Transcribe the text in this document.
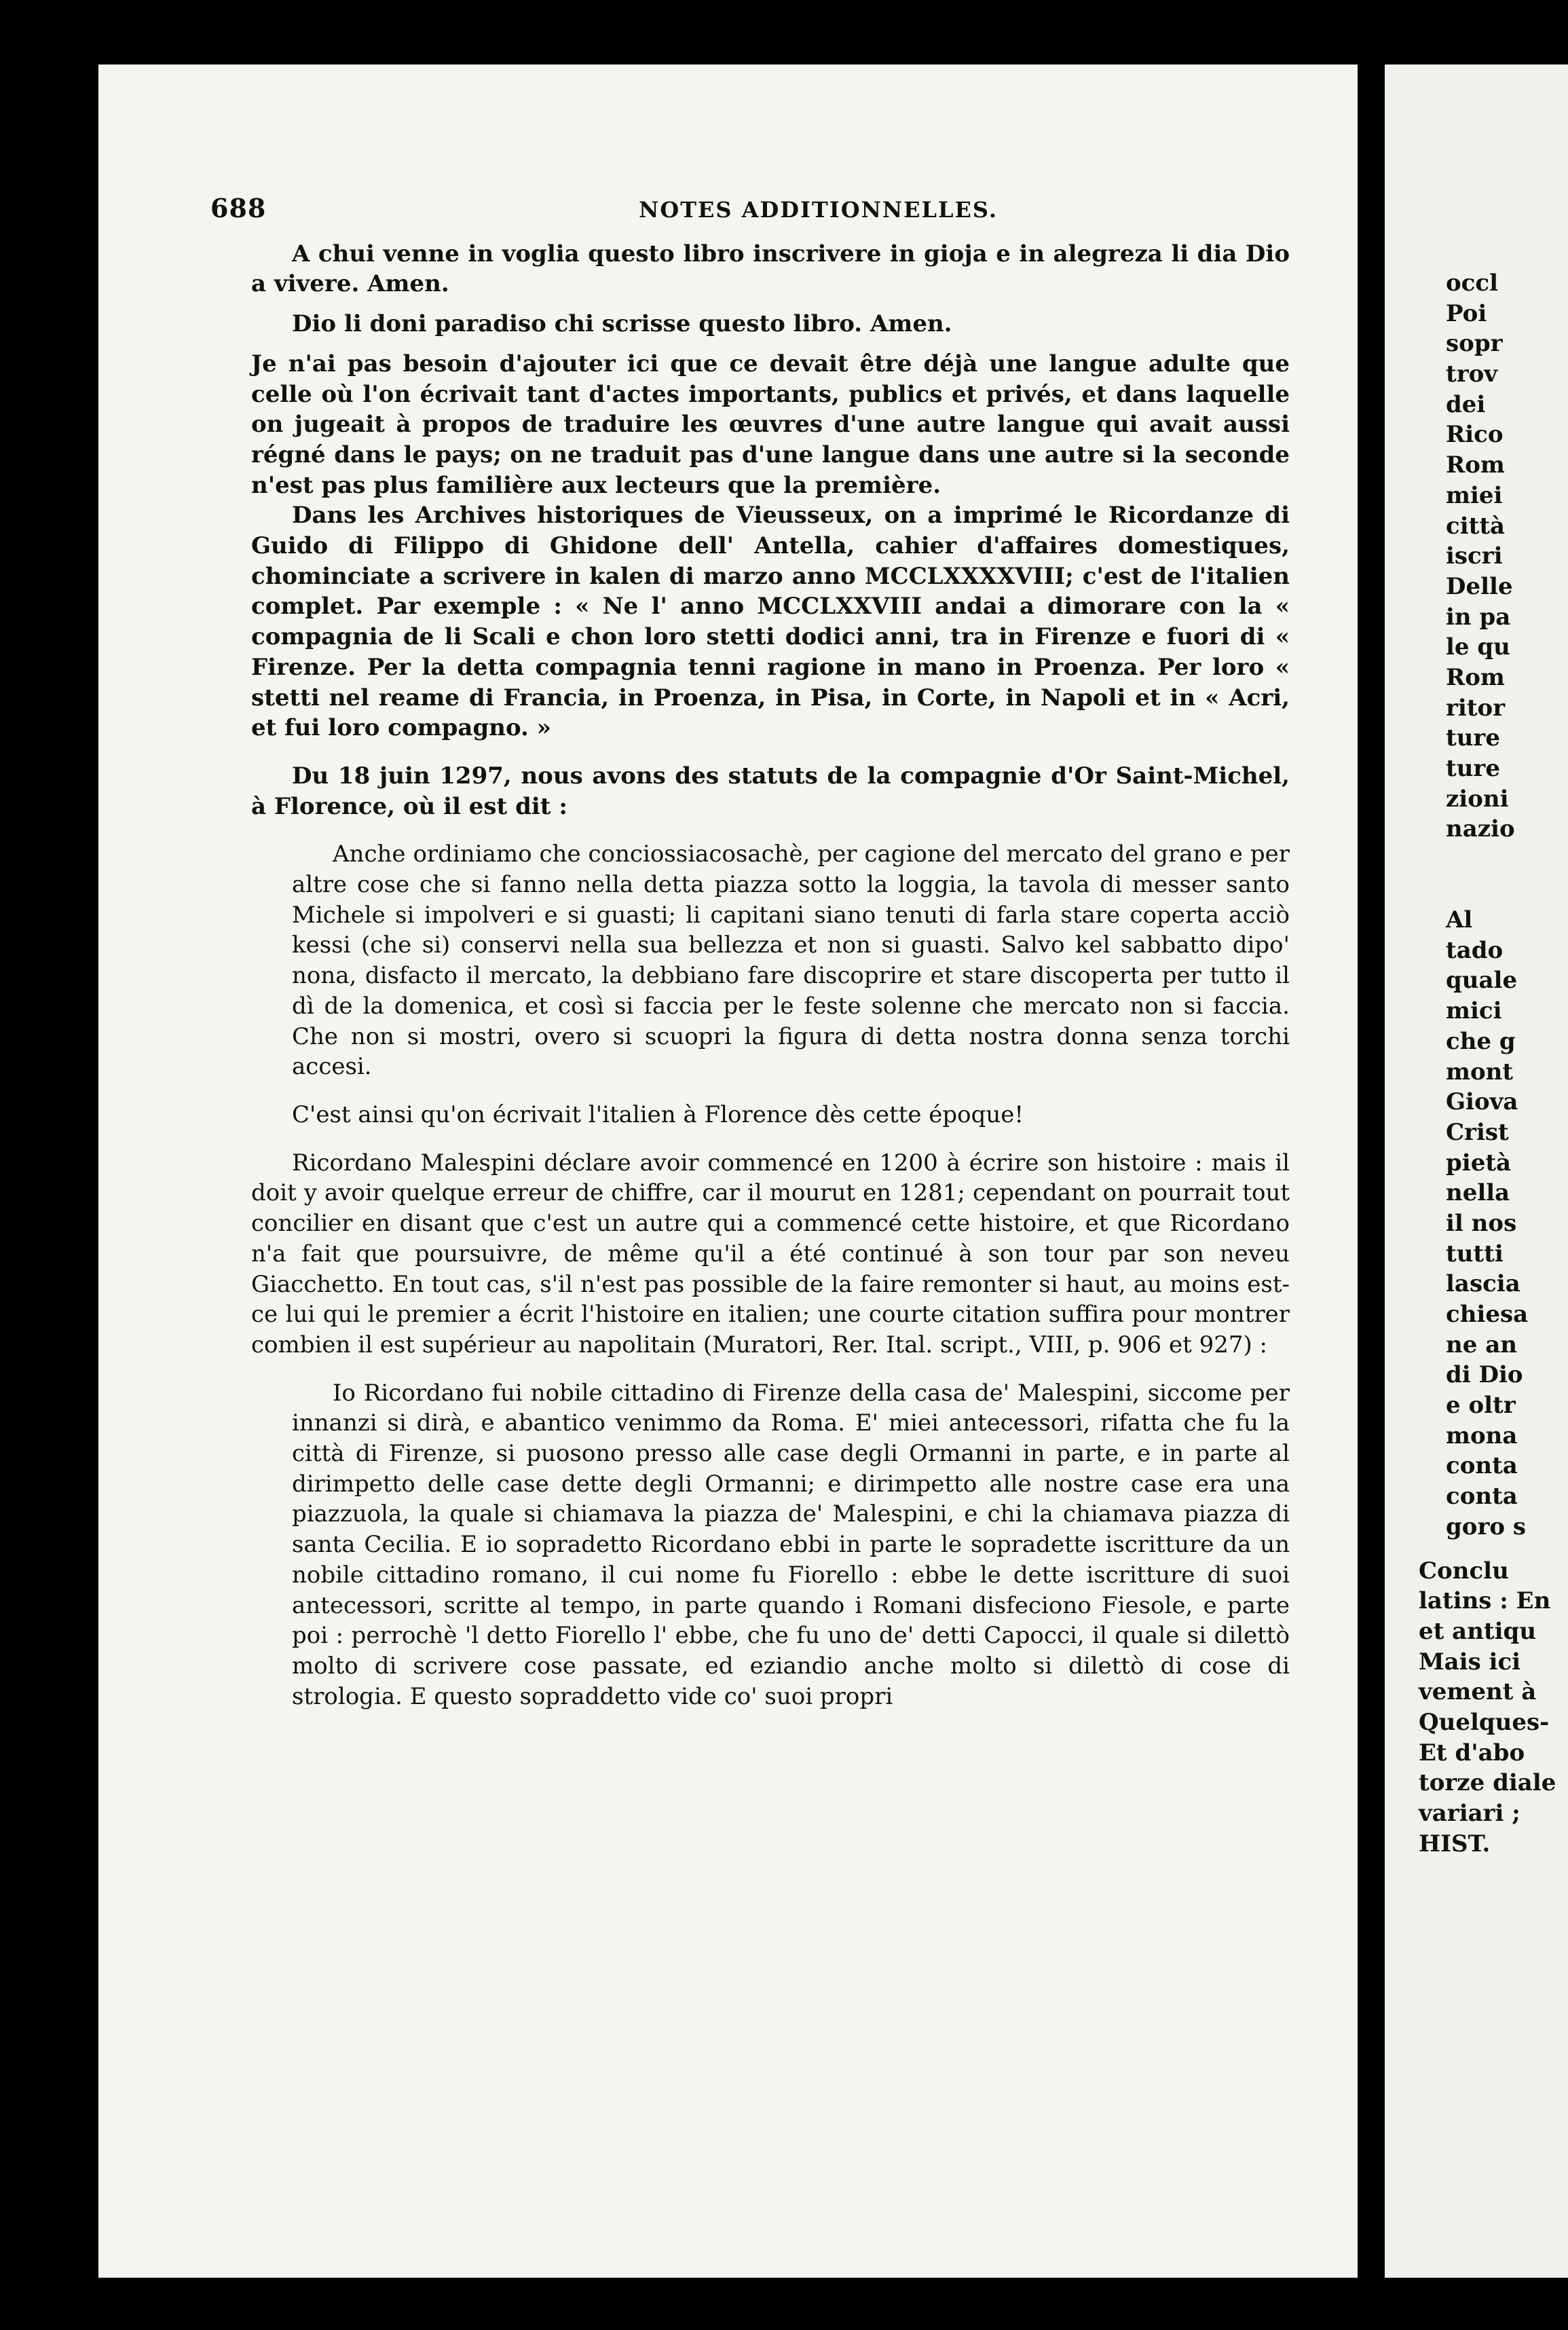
688	NOTES ADDITIONNELLES.

A chui venne in voglia questo libro inscrivere in gioja e in alegreza li dia Dio a vivere. Amen.

Dio li doni paradiso chi scrisse questo libro. Amen.

Je n'ai pas besoin d'ajouter ici que ce devait être déjà une langue adulte que celle où l'on écrivait tant d'actes importants, publics et privés, et dans laquelle on jugeait à propos de traduire les œuvres d'une autre langue qui avait aussi régné dans le pays; on ne traduit pas d'une langue dans une autre si la seconde n'est pas plus familière aux lecteurs que la première.

Dans les Archives historiques de Vieusseux, on a imprimé le Ricordanze di Guido di Filippo di Ghidone dell' Antella, cahier d'affaires domestiques, chominciate a scrivere in kalen di marzo anno MCCLXXXXVIII; c'est de l'italien complet. Par exemple : « Ne l' anno MCCLXXVIII andai a dimorare con la « compagnia de li Scali e chon loro stetti dodici anni, tra in Firenze e fuori di « Firenze. Per la detta compagnia tenni ragione in mano in Proenza. Per loro « stetti nel reame di Francia, in Proenza, in Pisa, in Corte, in Napoli et in « Acri, et fui loro compagno. »

Du 18 juin 1297, nous avons des statuts de la compagnie d'Or Saint-Michel, à Florence, où il est dit :

Anche ordiniamo che conciossiacosachè, per cagione del mercato del grano e per altre cose che si fanno nella detta piazza sotto la loggia, la tavola di messer santo Michele si impolveri e si guasti; li capitani siano tenuti di farla stare coperta acciò kessi (che si) conservi nella sua bellezza et non si guasti. Salvo kel sabbatto dipo' nona, disfacto il mercato, la debbiano fare discoprire et stare discoperta per tutto il dì de la domenica, et così si faccia per le feste solenne che mercato non si faccia. Che non si mostri, overo si scuopri la figura di detta nostra donna senza torchi accesi.

C'est ainsi qu'on écrivait l'italien à Florence dès cette époque!

Ricordano Malespini déclare avoir commencé en 1200 à écrire son histoire : mais il doit y avoir quelque erreur de chiffre, car il mourut en 1281; cependant on pourrait tout concilier en disant que c'est un autre qui a commencé cette histoire, et que Ricordano n'a fait que poursuivre, de même qu'il a été continué à son tour par son neveu Giacchetto. En tout cas, s'il n'est pas possible de la faire remonter si haut, au moins est-ce lui qui le premier a écrit l'histoire en italien; une courte citation suffira pour montrer combien il est supérieur au napolitain (Muratori, Rer. Ital. script., VIII, p. 906 et 927) :

Io Ricordano fui nobile cittadino di Firenze della casa de' Malespini, siccome per innanzi si dirà, e abantico venimmo da Roma. E' miei antecessori, rifatta che fu la città di Firenze, si puosono presso alle case degli Ormanni in parte, e in parte al dirimpetto delle case dette degli Ormanni; e dirimpetto alle nostre case era una piazzuola, la quale si chiamava la piazza de' Malespini, e chi la chiamava piazza di santa Cecilia. E io sopradetto Ricordano ebbi in parte le sopradette iscritture da un nobile cittadino romano, il cui nome fu Fiorello : ebbe le dette iscritture di suoi antecessori, scritte al tempo, in parte quando i Romani disfeciono Fiesole, e parte poi : perrochè 'l detto Fiorello l' ebbe, che fu uno de' detti Capocci, il quale si dilettò molto di scrivere cose passate, ed eziandio anche molto si dilettò di cose di strologia. E questo sopraddetto vide co' suoi propri

occl
Poi
sopr
trov
dei
Rico
Rom
miei
città
iscri
Delle
in pa
le qu
Rom
ritor
ture
ture
zioni
nazio
Al
tado
quale
mici
che g
mont
Giova
Crist
pietà
nella
il nos
tutti
lascia
chiesa
ne an
di Dio
e oltr
mona
conta
conta
goro s
Conclu
latins : En
et antiqu
Mais ici
vement à
Quelques-
Et d'abo
torze diale
variari ;
HIST.
